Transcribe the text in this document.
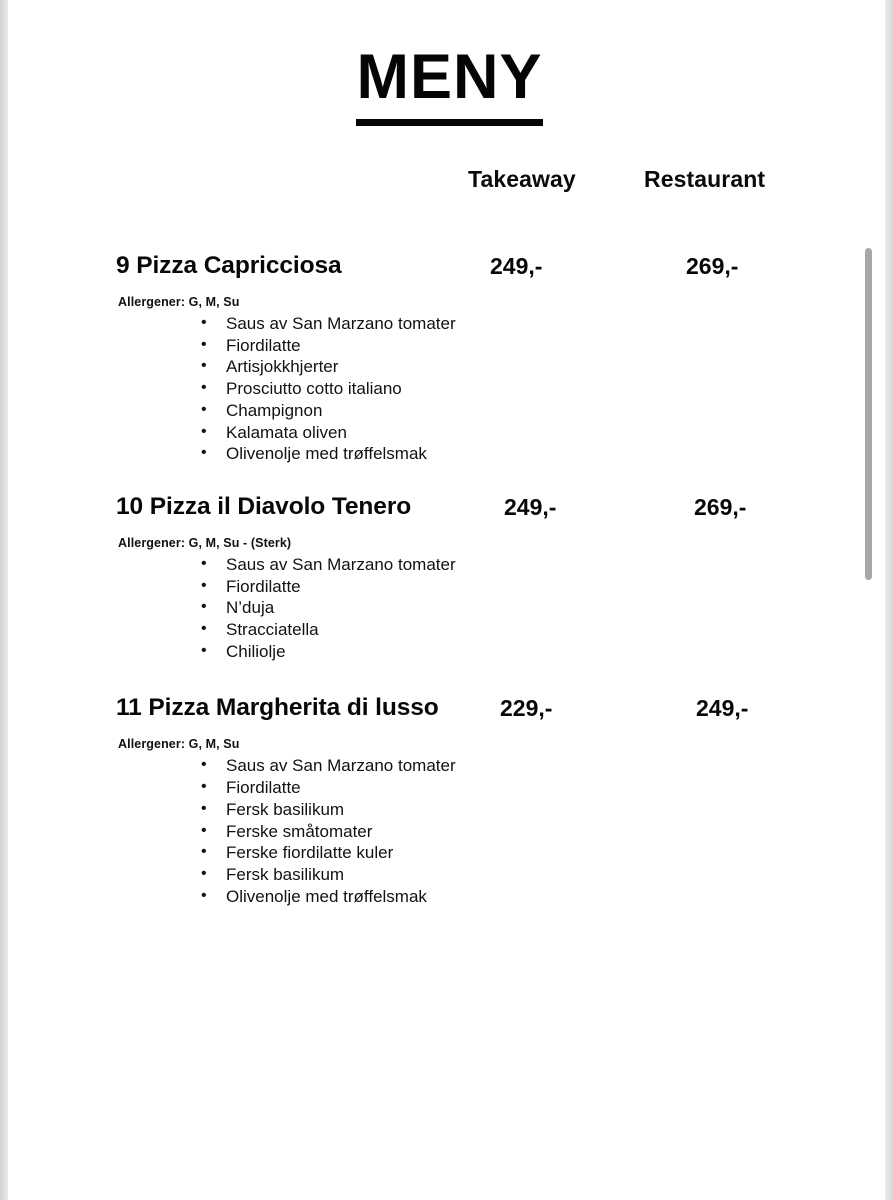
MENY
Takeaway	Restaurant
9 Pizza Capricciosa	249,-	269,-
Allergener: G, M, Su
• Saus av San Marzano tomater
• Fiordilatte
• Artisjokkhjerter
• Prosciutto cotto italiano
• Champignon
• Kalamata oliven
• Olivenolje med trøffelsmak
10 Pizza il Diavolo Tenero	249,-	269,-
Allergener: G, M, Su - (Sterk)
• Saus av San Marzano tomater
• Fiordilatte
• N’duja
• Stracciatella
• Chiliolje
11 Pizza Margherita di lusso	229,-	249,-
Allergener: G, M, Su
• Saus av San Marzano tomater
• Fiordilatte
• Fersk basilikum
• Ferske småtomater
• Ferske fiordilatte kuler
• Fersk basilikum
• Olivenolje med trøffelsmak
